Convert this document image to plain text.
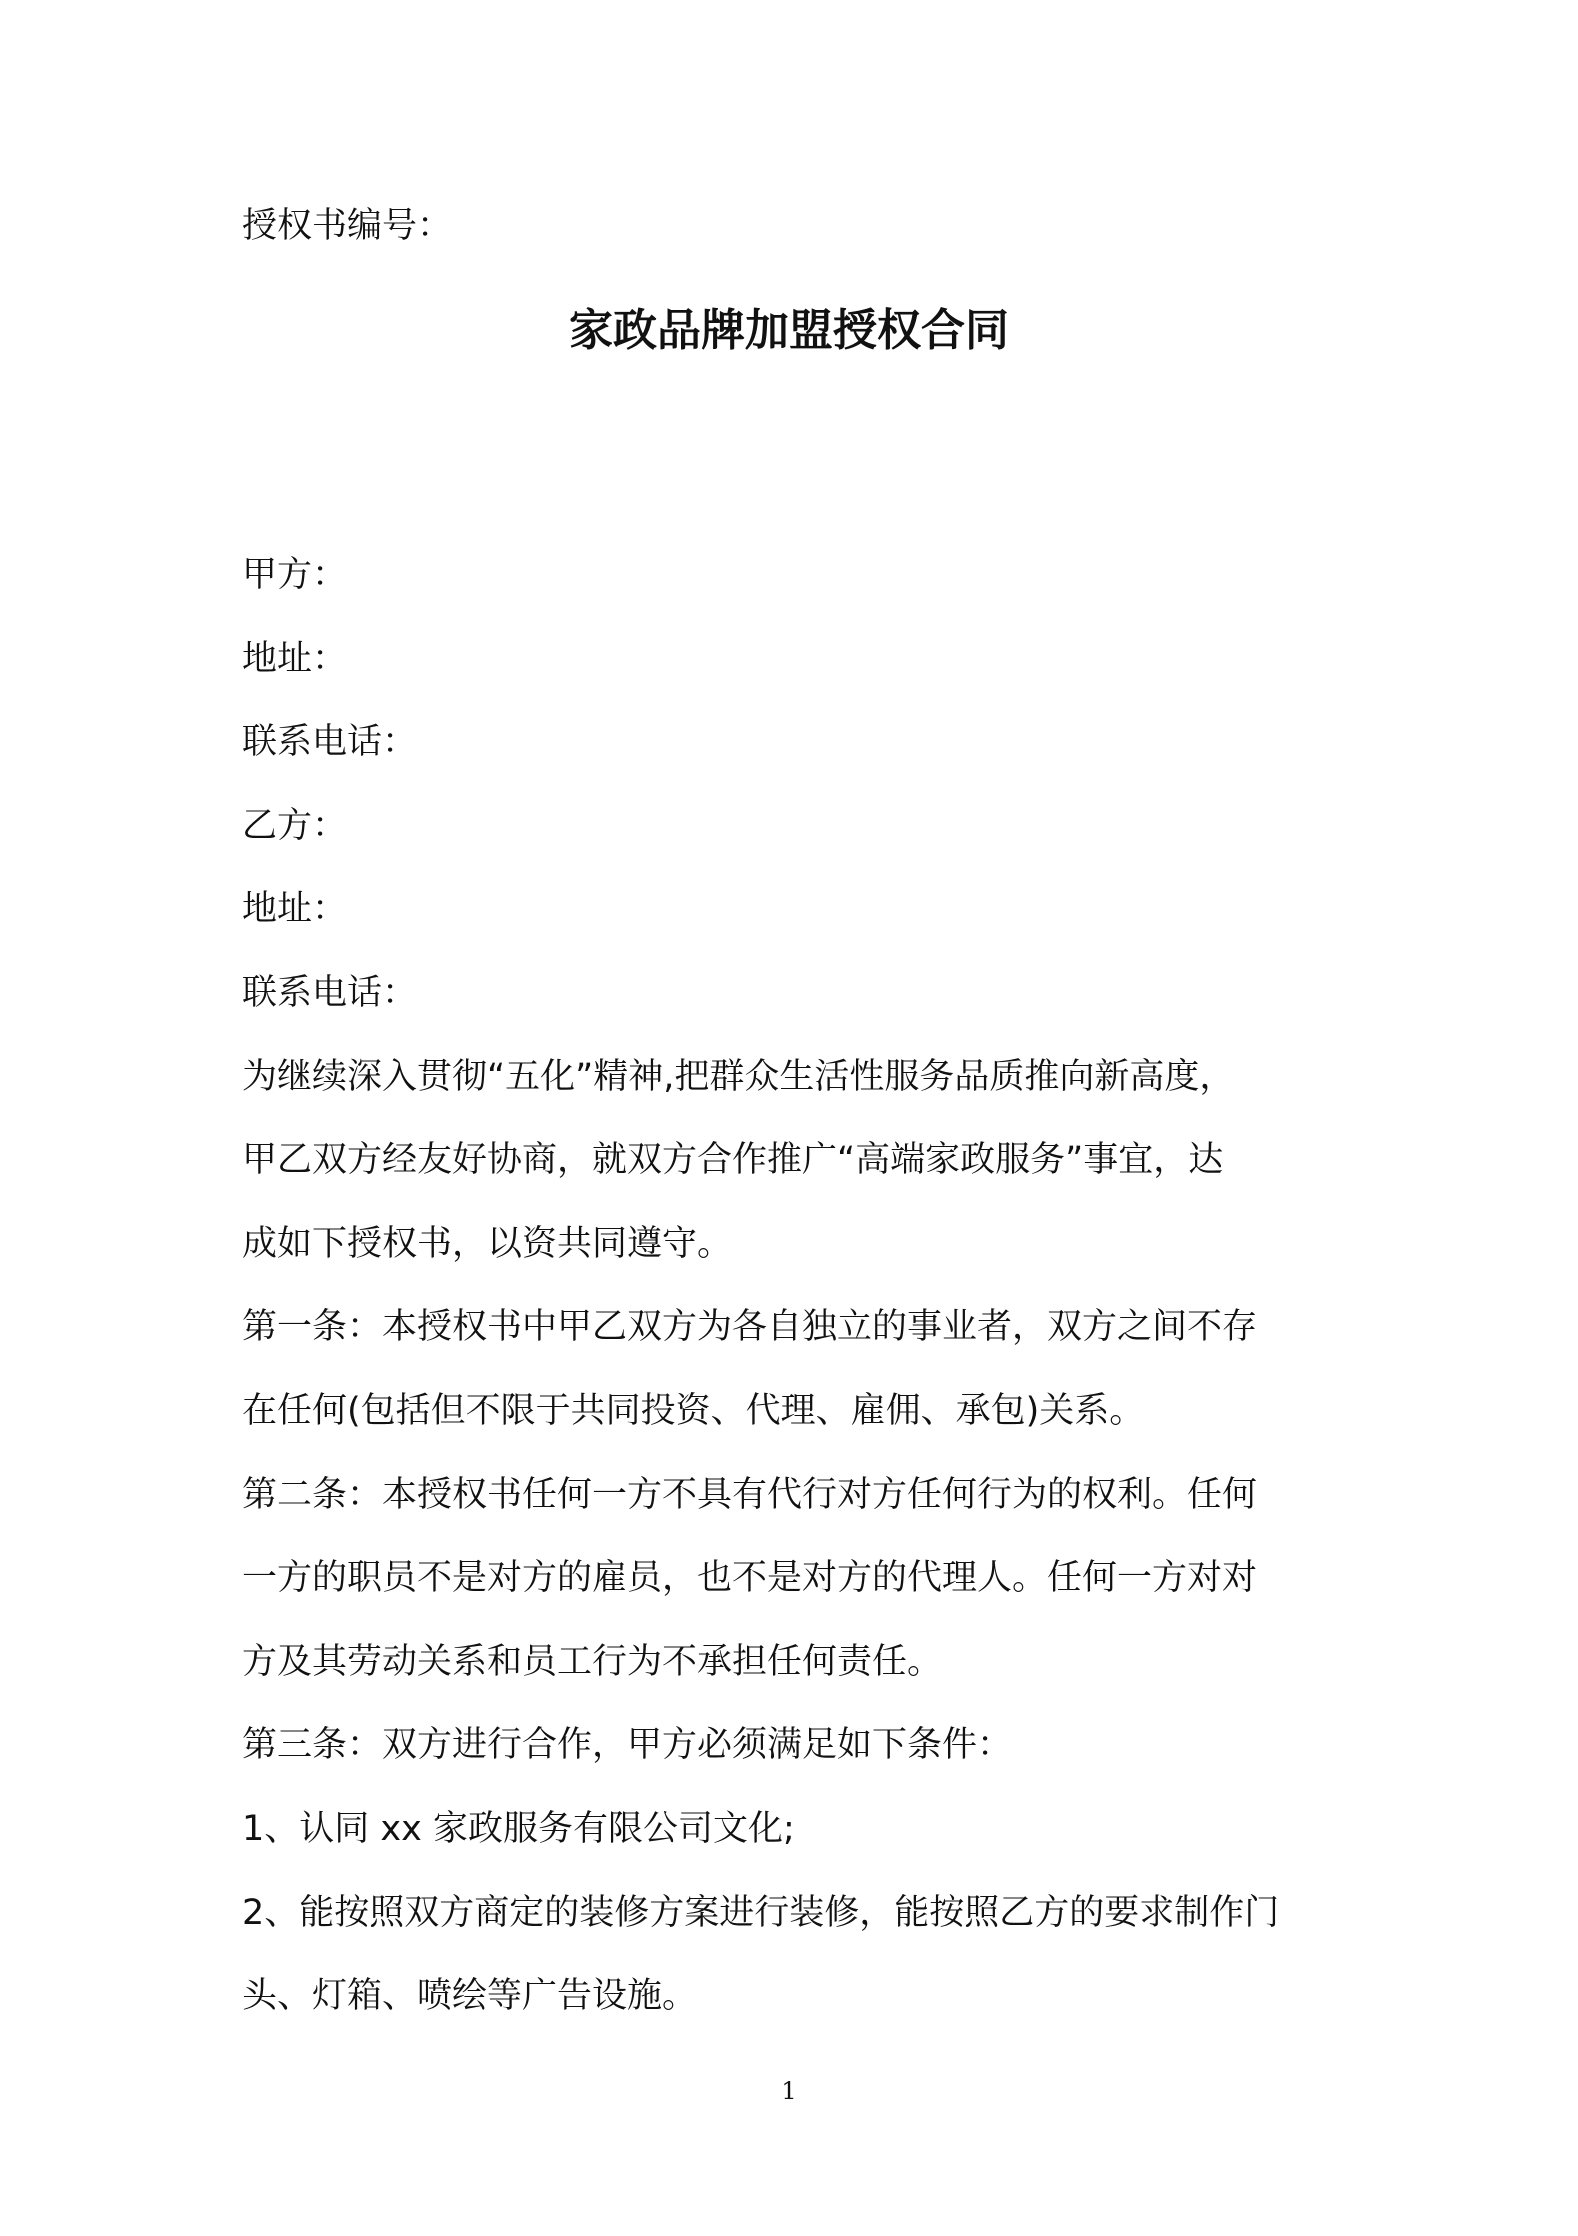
授权书编号：
家政品牌加盟授权合同
甲方：
地址：
联系电话：
乙方：
地址：
联系电话：
为继续深入贯彻“五化”精神,把群众生活性服务品质推向新高度，
甲乙双方经友好协商，就双方合作推广“高端家政服务”事宜，达
成如下授权书，以资共同遵守。
第一条：本授权书中甲乙双方为各自独立的事业者，双方之间不存
在任何(包括但不限于共同投资、代理、雇佣、承包)关系。
第二条：本授权书任何一方不具有代行对方任何行为的权利。任何
一方的职员不是对方的雇员，也不是对方的代理人。任何一方对对
方及其劳动关系和员工行为不承担任何责任。
第三条：双方进行合作，甲方必须满足如下条件：
1、认同 xx 家政服务有限公司文化;
2、能按照双方商定的装修方案进行装修，能按照乙方的要求制作门
头、灯箱、喷绘等广告设施。
1
